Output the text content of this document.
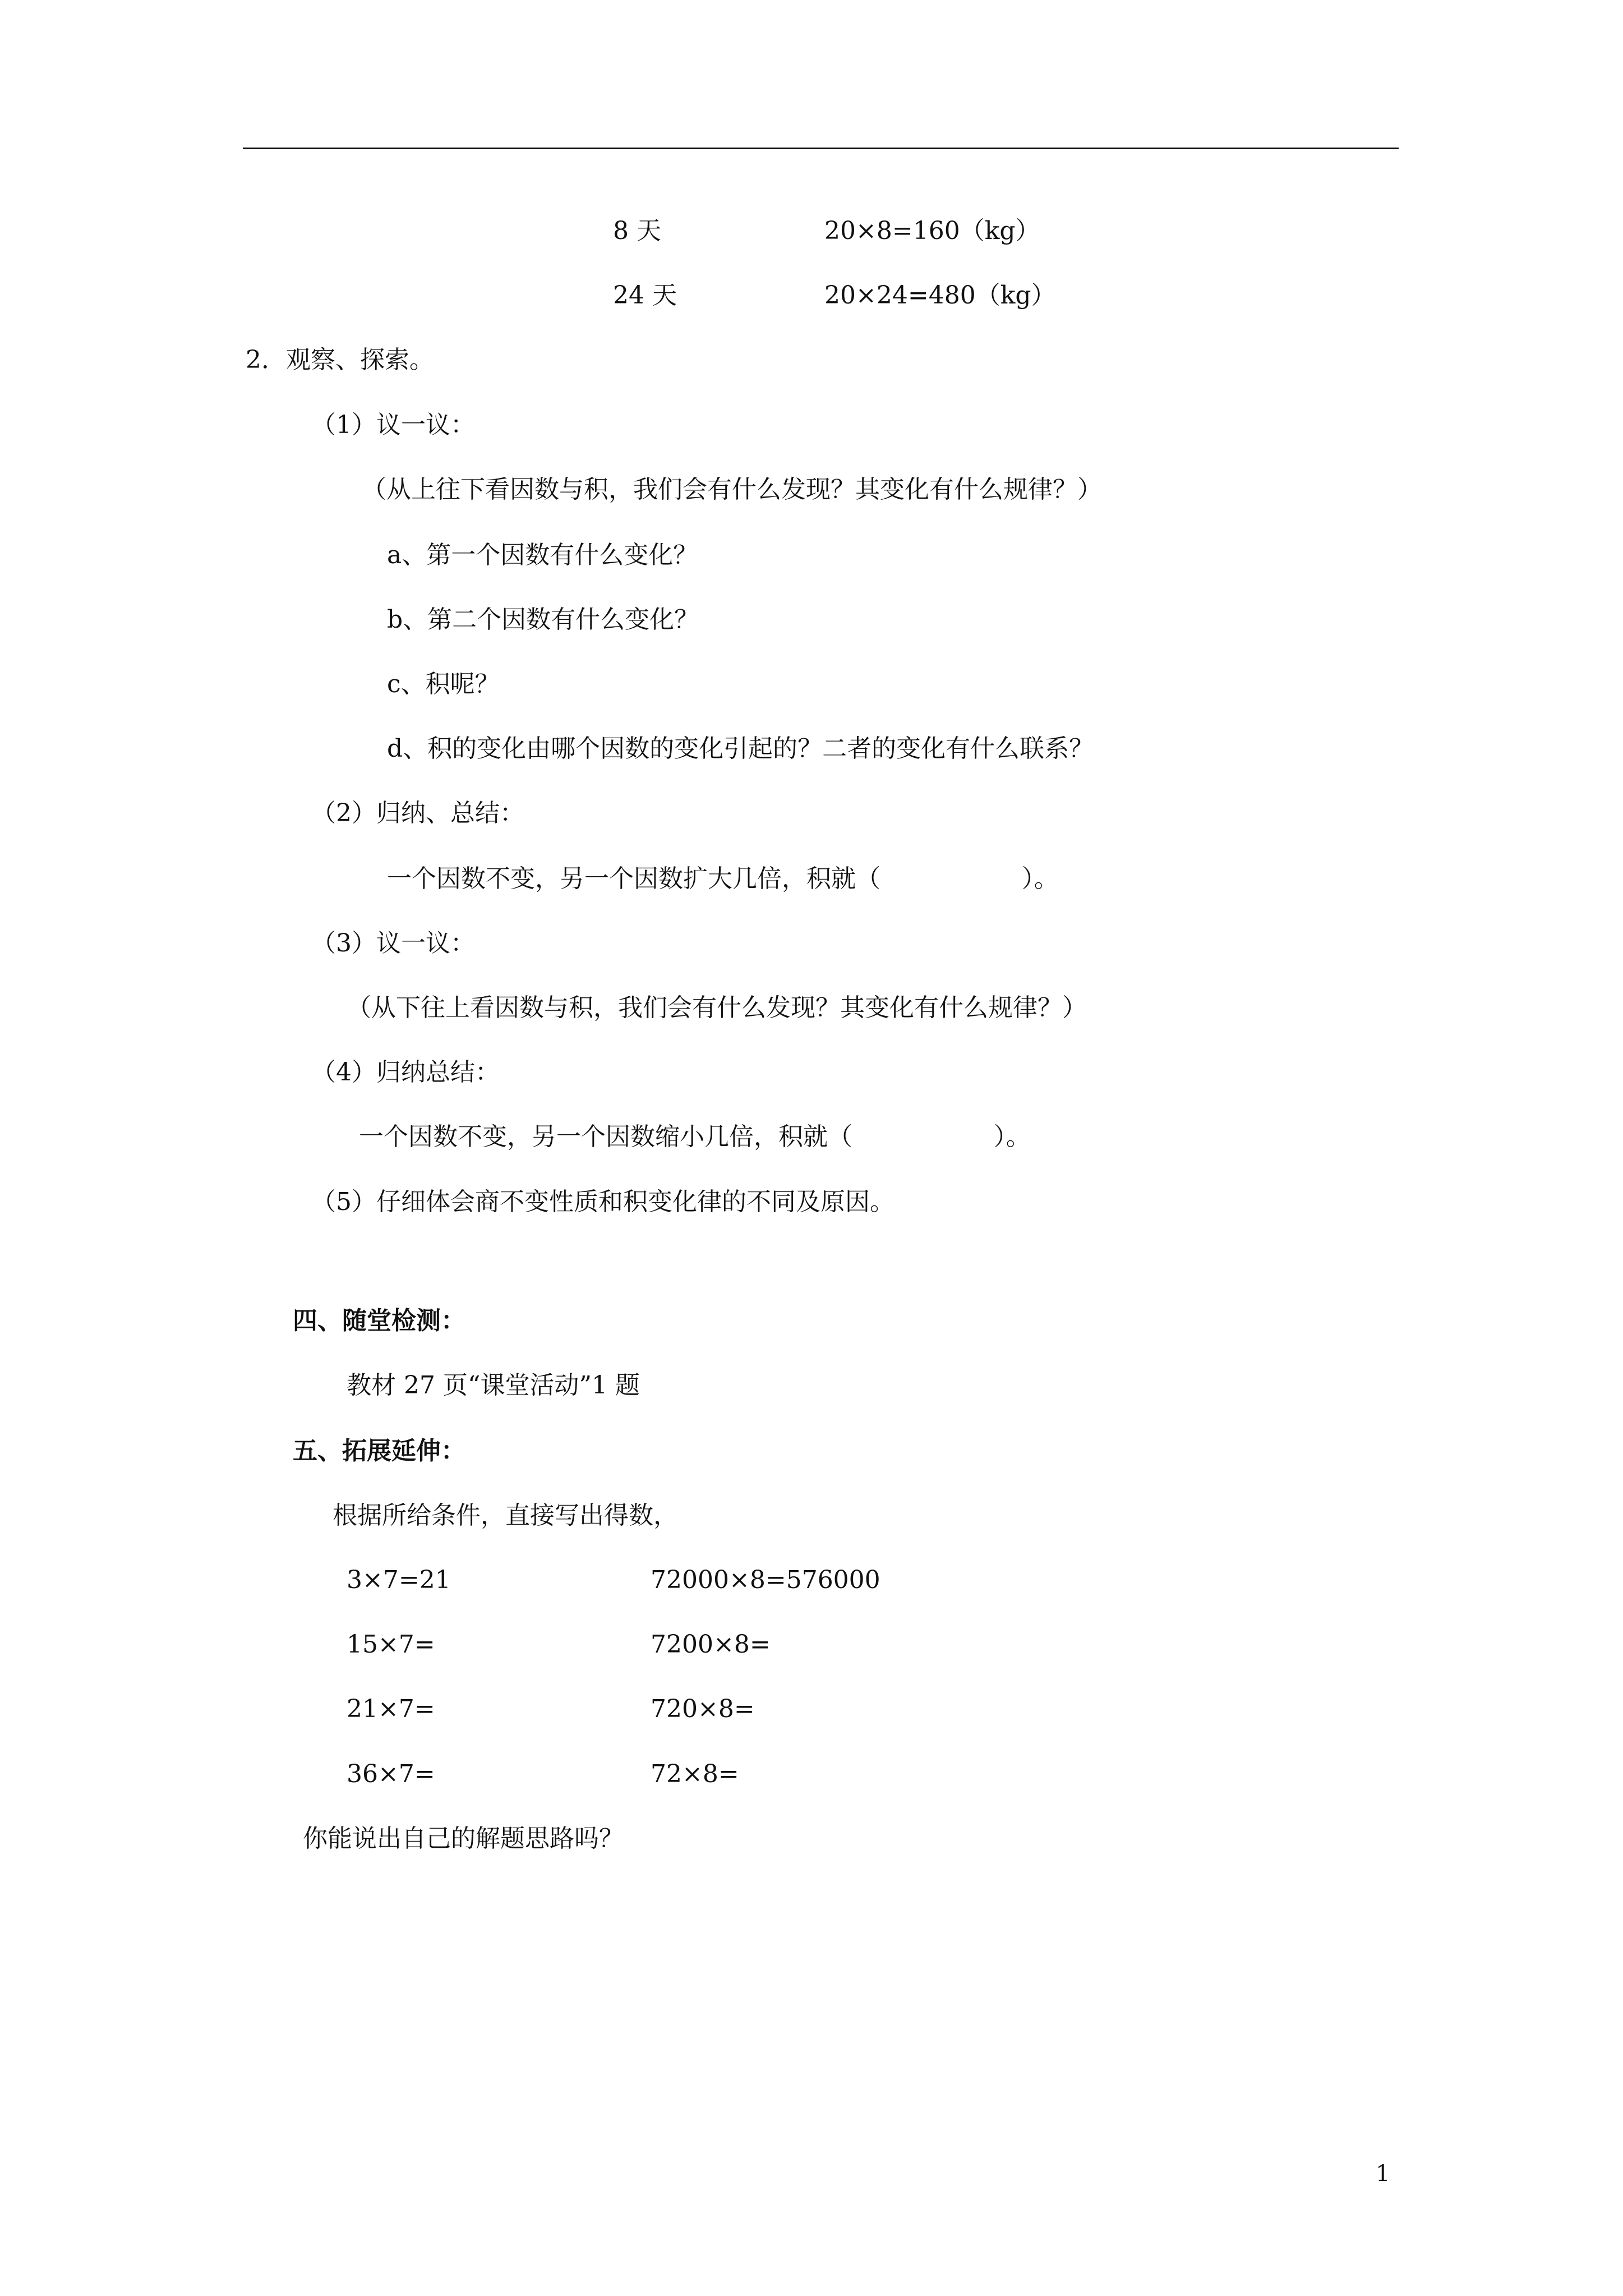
8 天	20×8=160（kg）
24 天	20×24=480（kg）
2．观察、探索。
（1）议一议：
（从上往下看因数与积，我们会有什么发现？其变化有什么规律？）
a、第一个因数有什么变化？
b、第二个因数有什么变化？
c、积呢？
d、积的变化由哪个因数的变化引起的？二者的变化有什么联系？
（2）归纳、总结：
一个因数不变，另一个因数扩大几倍，积就（                  ）。
（3）议一议：
（从下往上看因数与积，我们会有什么发现？其变化有什么规律？）
（4）归纳总结：
一个因数不变，另一个因数缩小几倍，积就（                  ）。
（5）仔细体会商不变性质和积变化律的不同及原因。
四、随堂检测：
教材 27 页“课堂活动”1 题
五、拓展延伸：
根据所给条件，直接写出得数，
3×7=21	72000×8=576000
15×7=	7200×8=
21×7=	720×8=
36×7=	72×8=
你能说出自己的解题思路吗？
1
